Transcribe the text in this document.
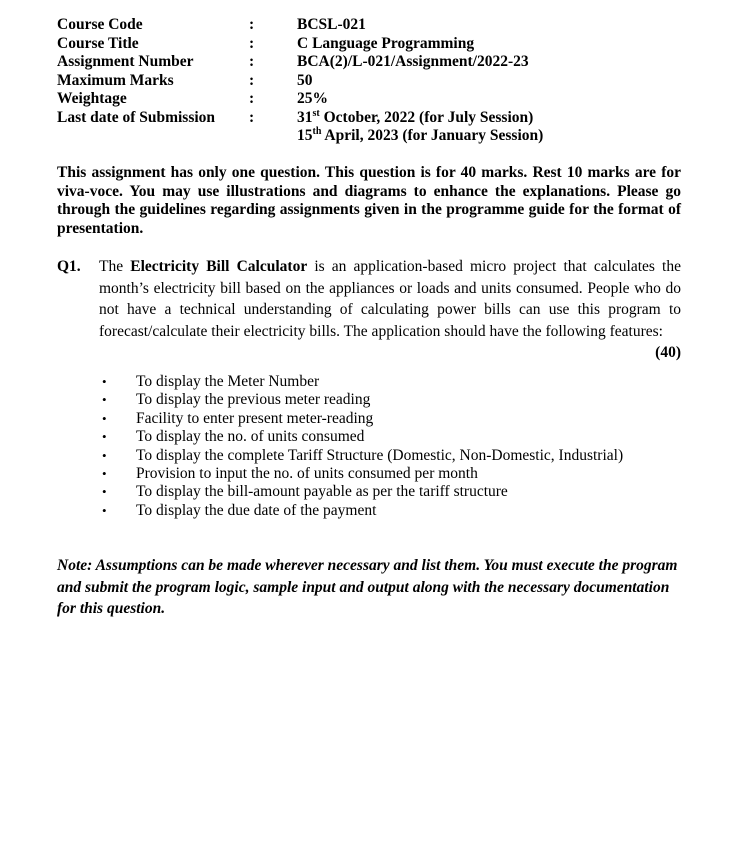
Course Code	:	BCSL-021
Course Title	:	C Language Programming
Assignment Number	:	BCA(2)/L-021/Assignment/2022-23
Maximum Marks	:	50
Weightage	:	25%
Last date of Submission	:	31st October, 2022 (for July Session)
15th April, 2023 (for January Session)

This assignment has only one question. This question is for 40 marks. Rest 10 marks are for viva-voce. You may use illustrations and diagrams to enhance the explanations. Please go through the guidelines regarding assignments given in the programme guide for the format of presentation.

Q1. The Electricity Bill Calculator is an application-based micro project that calculates the month’s electricity bill based on the appliances or loads and units consumed. People who do not have a technical understanding of calculating power bills can use this program to forecast/calculate their electricity bills. The application should have the following features:

(40)
• To display the Meter Number
• To display the previous meter reading
• Facility to enter present meter-reading
• To display the no. of units consumed
• To display the complete Tariff Structure (Domestic, Non-Domestic, Industrial)
• Provision to input the no. of units consumed per month
• To display the bill-amount payable as per the tariff structure
• To display the due date of the payment

Note: Assumptions can be made wherever necessary and list them. You must execute the program and submit the program logic, sample input and output along with the necessary documentation for this question.
